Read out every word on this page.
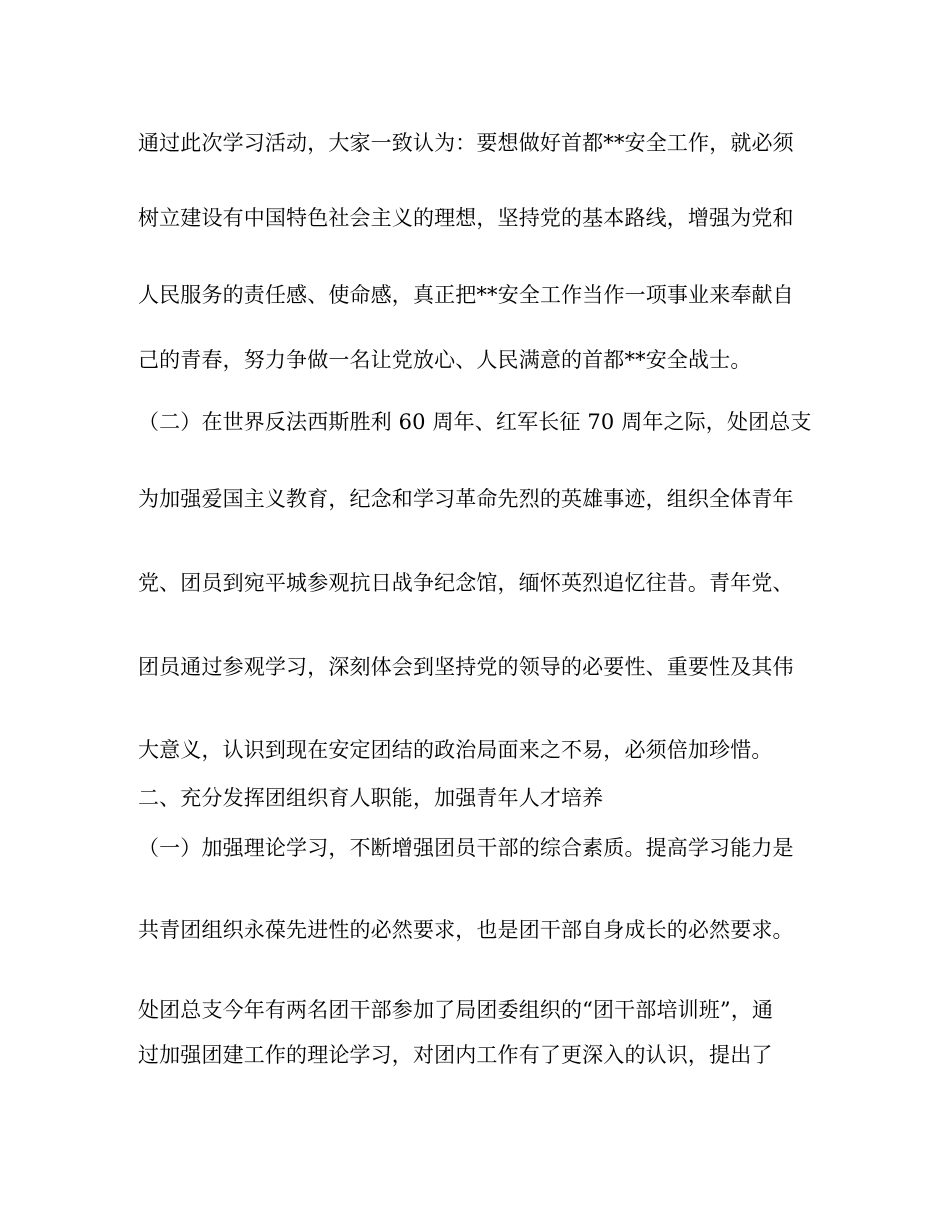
通过此次学习活动，大家一致认为：要想做好首都**安全工作，就必须
树立建设有中国特色社会主义的理想，坚持党的基本路线，增强为党和
人民服务的责任感、使命感，真正把**安全工作当作一项事业来奉献自
己的青春，努力争做一名让党放心、人民满意的首都**安全战士。
（二）在世界反法西斯胜利 60 周年、红军长征 70 周年之际，处团总支
为加强爱国主义教育，纪念和学习革命先烈的英雄事迹，组织全体青年
党、团员到宛平城参观抗日战争纪念馆，缅怀英烈追忆往昔。青年党、
团员通过参观学习，深刻体会到坚持党的领导的必要性、重要性及其伟
大意义，认识到现在安定团结的政治局面来之不易，必须倍加珍惜。
二、充分发挥团组织育人职能，加强青年人才培养
（一）加强理论学习，不断增强团员干部的综合素质。提高学习能力是
共青团组织永葆先进性的必然要求，也是团干部自身成长的必然要求。
处团总支今年有两名团干部参加了局团委组织的“团干部培训班”，通
过加强团建工作的理论学习，对团内工作有了更深入的认识，提出了
